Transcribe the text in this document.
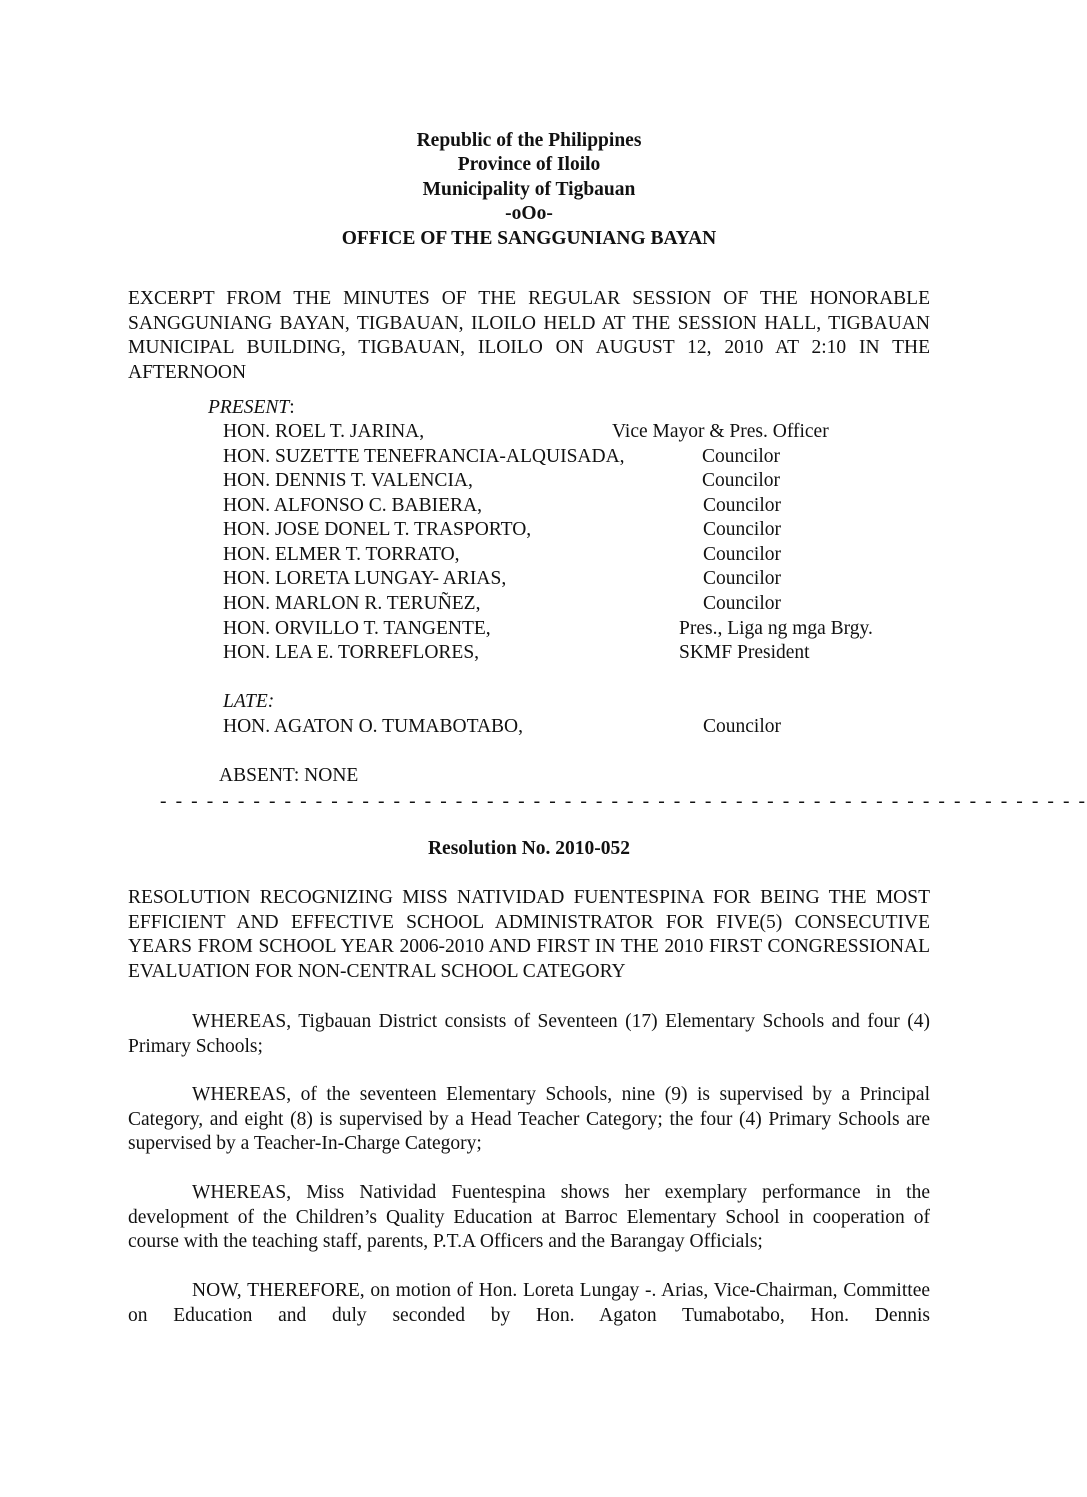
Republic of the Philippines
Province of Iloilo
Municipality of Tigbauan
-oOo-
OFFICE OF THE SANGGUNIANG BAYAN
EXCERPT FROM THE MINUTES OF THE REGULAR SESSION OF THE HONORABLE SANGGUNIANG BAYAN, TIGBAUAN, ILOILO HELD AT THE SESSION HALL, TIGBAUAN MUNICIPAL BUILDING, TIGBAUAN, ILOILO ON AUGUST 12, 2010 AT 2:10 IN THE AFTERNOON
PRESENT:
HON. ROEL T. JARINA,	Vice Mayor & Pres. Officer
HON. SUZETTE TENEFRANCIA-ALQUISADA,	Councilor
HON. DENNIS T. VALENCIA,	Councilor
HON. ALFONSO C. BABIERA,	Councilor
HON. JOSE DONEL T. TRASPORTO,	Councilor
HON. ELMER T. TORRATO,	Councilor
HON. LORETA LUNGAY- ARIAS,	Councilor
HON. MARLON R. TERUÑEZ,	Councilor
HON. ORVILLO T. TANGENTE,	Pres., Liga ng mga Brgy.
HON. LEA E. TORREFLORES,	SKMF President
LATE:
HON. AGATON O. TUMABOTABO,	Councilor
ABSENT: NONE
- - - - - - - - - - - - - - - - - - - - - - - - - - - - - - - - - - - - - - - - - - - - - - - - - - - - - - - - - - - -
Resolution No. 2010-052
RESOLUTION RECOGNIZING MISS NATIVIDAD FUENTESPINA FOR BEING THE MOST EFFICIENT AND EFFECTIVE SCHOOL ADMINISTRATOR FOR FIVE(5) CONSECUTIVE YEARS FROM SCHOOL YEAR 2006-2010 AND FIRST IN THE 2010 FIRST CONGRESSIONAL EVALUATION FOR NON-CENTRAL SCHOOL CATEGORY
WHEREAS, Tigbauan District consists of Seventeen (17) Elementary Schools and four (4) Primary Schools;
WHEREAS, of the seventeen Elementary Schools, nine (9) is supervised by a Principal Category, and eight (8) is supervised by a Head Teacher Category; the four (4) Primary Schools are supervised by a Teacher-In-Charge Category;
WHEREAS, Miss Natividad Fuentespina shows her exemplary performance in the development of the Children’s Quality Education at Barroc Elementary School in cooperation of course with the teaching staff, parents, P.T.A Officers and the Barangay Officials;
NOW, THEREFORE, on motion of Hon. Loreta Lungay -. Arias, Vice-Chairman, Committee on Education and duly seconded by Hon. Agaton Tumabotabo, Hon. Dennis
